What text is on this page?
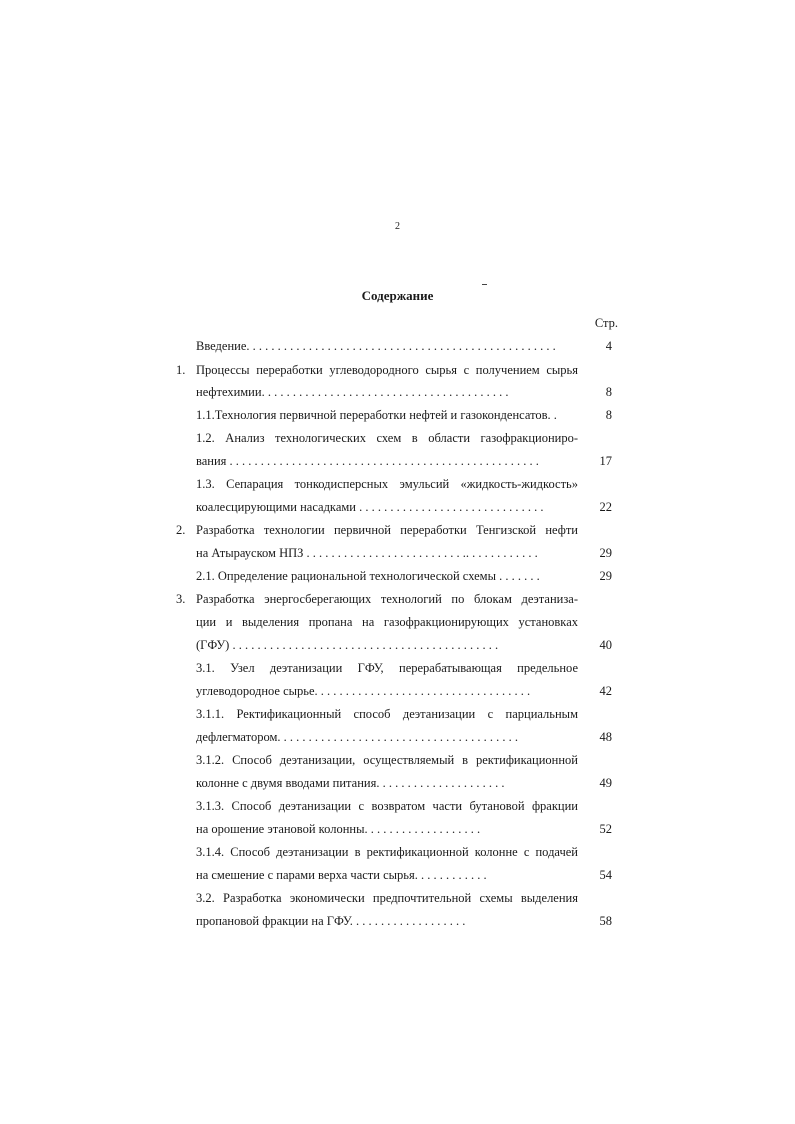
2
Содержание
Стр.
Введение. . . . . . . . . . . . . . . . . . . . . . . . . . . . . . . . . . . . . . . . . . . . . . . . . .	4
1. Процессы переработки углеводородного сырья с получением сырья
нефтехимии. . . . . . . . . . . . . . . . . . . . . . . . . . . . . . . . . . . . . . . .	8
1.1.Технология первичной переработки нефтей и газоконденсатов. .	8
1.2. Анализ технологических схем в области газофракциониро-
вания . . . . . . . . . . . . . . . . . . . . . . . . . . . . . . . . . . . . . . . . . . . . . . . . . .	17
1.3. Сепарация тонкодисперсных эмульсий «жидкость-жидкость»
коалесцирующими насадками . . . . . . . . . . . . . . . . . . . . . . . . . . . . . .	22
2. Разработка технологии первичной переработки Тенгизской нефти
на Атырауском НПЗ . . . . . . . . . . . . . . . . . . . . . . . . . .. . . . . . . . . . . .	29
2.1. Определение рациональной технологической схемы . . . . . . .	29
3. Разработка энергосберегающих технологий по блокам деэтаниза-
ции и выделения пропана на газофракционирующих установках
(ГФУ) . . . . . . . . . . . . . . . . . . . . . . . . . . . . . . . . . . . . . . . . . . .	40
3.1. Узел деэтанизации ГФУ, перерабатывающая предельное
углеводородное сырье. . . . . . . . . . . . . . . . . . . . . . . . . . . . . . . . . . .	42
3.1.1. Ректификационный способ деэтанизации с парциальным
дефлегматором. . . . . . . . . . . . . . . . . . . . . . . . . . . . . . . . . . . . . . .	48
3.1.2. Способ деэтанизации, осуществляемый в ректификационной
колонне с двумя вводами питания. . . . . . . . . . . . . . . . . . . . .	49
3.1.3. Способ деэтанизации с возвратом части бутановой фракции
на орошение этановой колонны. . . . . . . . . . . . . . . . . . .	52
3.1.4. Способ деэтанизации в ректификационной колонне с подачей
на смешение с парами верха части сырья. . . . . . . . . . . .	54
3.2. Разработка экономически предпочтительной схемы выделения
пропановой фракции на ГФУ. . . . . . . . . . . . . . . . . . .	58
